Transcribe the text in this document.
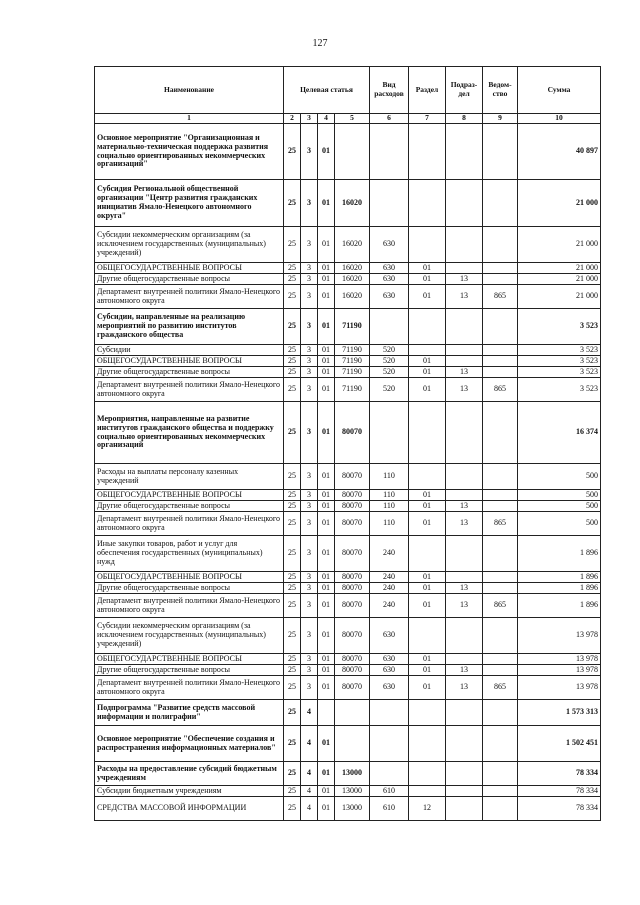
127
Наименование	Целевая статья				Вид расходов	Раздел	Подраз-дел	Ведом-ство	Сумма
1	2	3	4	5	6	7	8	9	10
Основное мероприятие "Организационная и материально-техническая поддержка развития социально ориентированных некоммерческих организаций"	25	3	01						40 897
Субсидия Региональной общественной организации "Центр развития гражданских инициатив Ямало-Ненецкого автономного округа"	25	3	01	16020					21 000
Субсидии некоммерческим организациям (за исключением государственных (муниципальных) учреждений)	25	3	01	16020	630				21 000
ОБЩЕГОСУДАРСТВЕННЫЕ ВОПРОСЫ	25	3	01	16020	630	01			21 000
Другие общегосударственные вопросы	25	3	01	16020	630	01	13		21 000
Департамент внутренней политики Ямало-Ненецкого автономного округа	25	3	01	16020	630	01	13	865	21 000
Субсидии, направленные на реализацию мероприятий по развитию институтов гражданского общества	25	3	01	71190					3 523
Субсидии	25	3	01	71190	520				3 523
ОБЩЕГОСУДАРСТВЕННЫЕ ВОПРОСЫ	25	3	01	71190	520	01			3 523
Другие общегосударственные вопросы	25	3	01	71190	520	01	13		3 523
Департамент внутренней политики Ямало-Ненецкого автономного округа	25	3	01	71190	520	01	13	865	3 523
Мероприятия, направленные на развитие институтов гражданского общества и поддержку социально ориентированных некоммерческих организаций	25	3	01	80070					16 374
Расходы на выплаты персоналу казенных учреждений	25	3	01	80070	110				500
ОБЩЕГОСУДАРСТВЕННЫЕ ВОПРОСЫ	25	3	01	80070	110	01			500
Другие общегосударственные вопросы	25	3	01	80070	110	01	13		500
Департамент внутренней политики Ямало-Ненецкого автономного округа	25	3	01	80070	110	01	13	865	500
Иные закупки товаров, работ и услуг для обеспечения государственных (муниципальных) нужд	25	3	01	80070	240				1 896
ОБЩЕГОСУДАРСТВЕННЫЕ ВОПРОСЫ	25	3	01	80070	240	01			1 896
Другие общегосударственные вопросы	25	3	01	80070	240	01	13		1 896
Департамент внутренней политики Ямало-Ненецкого автономного округа	25	3	01	80070	240	01	13	865	1 896
Субсидии некоммерческим организациям (за исключением государственных (муниципальных) учреждений)	25	3	01	80070	630				13 978
ОБЩЕГОСУДАРСТВЕННЫЕ ВОПРОСЫ	25	3	01	80070	630	01			13 978
Другие общегосударственные вопросы	25	3	01	80070	630	01	13		13 978
Департамент внутренней политики Ямало-Ненецкого автономного округа	25	3	01	80070	630	01	13	865	13 978
Подпрограмма "Развитие средств массовой информации и полиграфии"	25	4							1 573 313
Основное мероприятие "Обеспечение создания и распространения информационных материалов"	25	4	01						1 502 451
Расходы на предоставление субсидий бюджетным учреждениям	25	4	01	13000					78 334
Субсидии бюджетным учреждениям	25	4	01	13000	610				78 334
СРЕДСТВА МАССОВОЙ ИНФОРМАЦИИ	25	4	01	13000	610	12			78 334
